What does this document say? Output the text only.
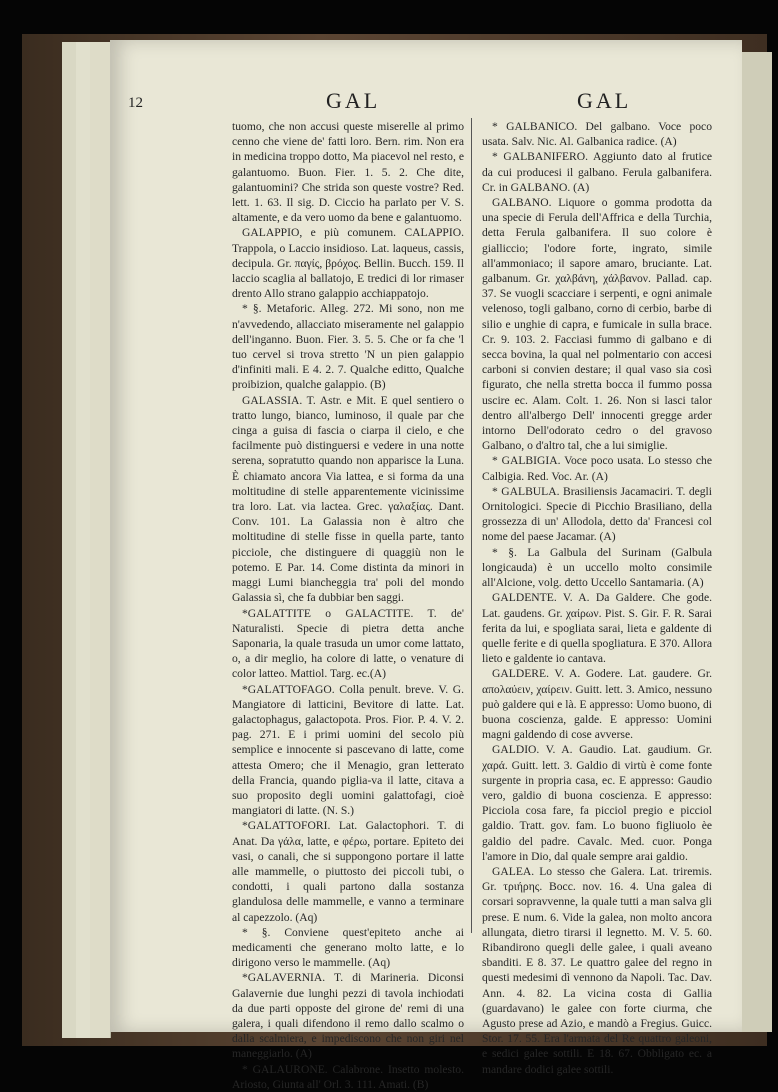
12	GAL	GAL

tuomo, che non accusi queste miserelle al primo cenno che viene de' fatti loro. Bern. rim. Non era in medicina troppo dotto, Ma piacevol nel resto, e galantuomo. Buon. Fier. 1. 5. 2. Che dite, galantuomini? Che strida son queste vostre? Red. lett. 1. 63. Il sig. D. Ciccio ha parlato per V. S. altamente, e da vero uomo da bene e galantuomo.

GALAPPIO, e più comunem. CALAPPIO. Trappola, o Laccio insidioso. Lat. laqueus, cassis, decipula. Gr. παγίς, βρόχος. Bellin. Bucch. 159. Il laccio scaglia al ballatojo, E tredici di lor rimaser drento Allo strano galappio acchiappatojo.

* §. Metaforic. Alleg. 272. Mi sono, non me n'avvedendo, allacciato miseramente nel galappio dell'inganno. Buon. Fier. 3. 5. 5. Che or fa che 'l tuo cervel si trova stretto 'N un pien galappio d'infiniti mali. E 4. 2. 7. Qualche editto, Qualche proibizion, qualche galappio. (B)

GALASSIA. T. Astr. e Mit. E quel sentiero o tratto lungo, bianco, luminoso, il quale par che cinga a guisa di fascia o ciarpa il cielo, e che facilmente può distinguersi e vedere in una notte serena, sopratutto quando non apparisce la Luna. È chiamato ancora Via lattea, e si forma da una moltitudine di stelle apparentemente vicinissime tra loro. Lat. via lactea. Grec. γαλαξίας. Dant. Conv. 101. La Galassia non è altro che moltitudine di stelle fisse in quella parte, tanto picciole, che distinguere di quaggiù non le potemo. E Par. 14. Come distinta da minori in maggi Lumi biancheggia tra' poli del mondo Galassia sì, che fa dubbiar ben saggi.

*GALATTITE o GALACTITE. T. de' Naturalisti. Specie di pietra detta anche Saponaria, la quale trasuda un umor come lattato, o, a dir meglio, ha colore di latte, o venature di color latteo. Mattiol. Targ. ec.(A)

*GALATTOFAGO. Colla penult. breve. V. G. Mangiatore di latticini, Bevitore di latte. Lat. galactophagus, galactopota. Pros. Fior. P. 4. V. 2. pag. 271. E i primi uomini del secolo più semplice e innocente si pascevano di latte, come attesta Omero; che il Menagio, gran letterato della Francia, quando piglia-va il latte, citava a suo proposito degli uomini galattofagi, cioè mangiatori di latte. (N. S.)

*GALATTOFORI. Lat. Galactophori. T. di Anat. Da γάλα, latte, e φέρω, portare. Epiteto dei vasi, o canali, che si suppongono portare il latte alle mammelle, o piuttosto dei piccoli tubi, o condotti, i quali partono dalla sostanza glandulosa delle mammelle, e vanno a terminare al capezzolo. (Aq)

* §. Conviene quest'epiteto anche ai medicamenti che generano molto latte, e lo dirigono verso le mammelle. (Aq)

*GALAVERNIA. T. di Marineria. Diconsi Galavernie due lunghi pezzi di tavola inchiodati da due parti opposte del girone de' remi di una galera, i quali difendono il remo dallo scalmo o dalla scalmiera, e impediscono che non giri nel maneggiarlo. (A)

* GALAURONE. Calabrone. Insetto molesto. Ariosto, Giunta all' Orl. 3. 111. Amati. (B)

* GALBANICO. Del galbano. Voce poco usata. Salv. Nic. Al. Galbanica radice. (A)

* GALBANIFERO. Aggiunto dato al frutice da cui producesi il galbano. Ferula galbanifera. Cr. in GALBANO. (A)

GALBANO. Liquore o gomma prodotta da una specie di Ferula dell'Affrica e della Turchia, detta Ferula galbanifera. Il suo colore è gialliccio; l'odore forte, ingrato, simile all'ammoniaco; il sapore amaro, bruciante. Lat. galbanum. Gr. χαλβάνη, χάλβανον. Pallad. cap. 37. Se vuogli scacciare i serpenti, e ogni animale velenoso, togli galbano, corno di cerbio, barbe di silio e unghie di capra, e fumicale in sulla brace. Cr. 9. 103. 2. Facciasi fummo di galbano e di secca bovina, la qual nel polmentario con accesi carboni si convien destare; il qual vaso sia così figurato, che nella stretta bocca il fummo possa uscire ec. Alam. Colt. 1. 26. Non si lasci talor dentro all'albergo Dell' innocenti gregge arder intorno Dell'odorato cedro o del gravoso Galbano, o d'altro tal, che a lui simiglie.

* GALBIGIA. Voce poco usata. Lo stesso che Calbigia. Red. Voc. Ar. (A)

* GALBULA. Brasiliensis Jacamaciri. T. degli Ornitologici. Specie di Picchio Brasiliano, della grossezza di un' Allodola, detto da' Francesi col nome del paese Jacamar. (A)

* §. La Galbula del Surinam (Galbula longicauda) è un uccello molto consimile all'Alcione, volg. detto Uccello Santamaria. (A)

GALDENTE. V. A. Da Galdere. Che gode. Lat. gaudens. Gr. χαίρων. Pist. S. Gir. F. R. Sarai ferita da lui, e spogliata sarai, lieta e galdente di quelle ferite e di quella spogliatura. E 370. Allora lieto e galdente io cantava.

GALDERE. V. A. Godere. Lat. gaudere. Gr. απολαύειν, χαίρειν. Guitt. lett. 3. Amico, nessuno può galdere qui e là. E appresso: Uomo buono, di buona coscienza, galde. E appresso: Uomini magni galdendo di cose avverse.

GALDIO. V. A. Gaudio. Lat. gaudium. Gr. χαρά. Guitt. lett. 3. Galdio di virtù è come fonte surgente in propria casa, ec. E appresso: Gaudio vero, galdio di buona coscienza. E appresso: Picciola cosa fare, fa picciol pregio e picciol galdio. Tratt. gov. fam. Lo buono figliuolo èe galdio del padre. Cavalc. Med. cuor. Ponga l'amore in Dio, dal quale sempre arai galdio.

GALEA. Lo stesso che Galera. Lat. triremis. Gr. τριήρης. Bocc. nov. 16. 4. Una galea di corsari sopravvenne, la quale tutti a man salva gli prese. E num. 6. Vide la galea, non molto ancora allungata, dietro tirarsi il legnetto. M. V. 5. 60. Ribandirono quegli delle galee, i quali aveano sbanditi. E 8. 37. Le quattro galee del regno in questi medesimi dì vennono da Napoli. Tac. Dav. Ann. 4. 82. La vicina costa di Gallia (guardavano) le galee con forte ciurma, che Agusto prese ad Azio, e mandò a Fregius. Guicc. Stor. 17. 55. Era l'armata del Re quattro galeoni, e sedici galee sottili. E 18. 67. Obbligato ec. a mandare dodici galee sottili.
